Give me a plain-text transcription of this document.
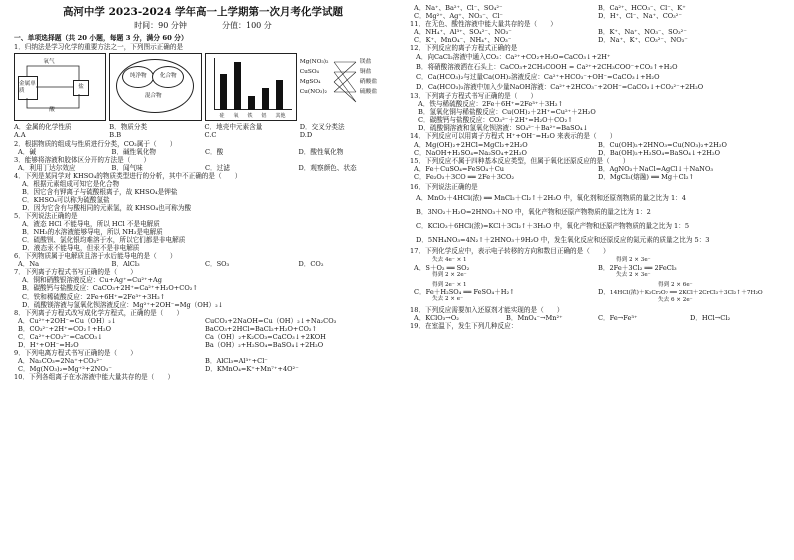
高河中学 2023-2024 学年高一上学期第一次月考化学试题
时间：90 分钟	分值：100 分
一、单项选择题（共 20 小题，每题 3 分，满分 60 分）
1．归纳法是学习化学的重要方法之一，下列图示正确的是
氧气
金属单质
盐
酸
纯净物	化合物
混合物
硅 氧 铁 铝 其他
Mg(NO₃)₂
CuSO₄
MgSO₄
Cu(NO₃)₂
镁盐
铜盐
硝酸盐
硫酸盐
A．金属的化学性质	B．物质分类	C．地壳中元素含量	D．交叉分类法
A.A	B.B	C.C	D.D
2．根据物质的组成与性质进行分类，CO₂属于（　　）
A．碱	B．碱性氧化物	C．酸	D．酸性氧化物
3．能够将溶液和胶体区分开的方法是（　　）
A．利用丁达尔效应	B．闻气味	C．过滤	D．观察颜色、状态
4．下列是某同学对 KHSO₄的物质类型进行的分析，其中不正确的是（　　）
A．根据元素组成可知它是化合物
B．因它含有钾离子与硫酸根离子，故 KHSO₄是钾盐
C．KHSO₄可以称为硫酸氢盐
D．因为它含有与酸相同的元素氢，故 KHSO₄也可称为酸
5．下列说法正确的是
A．液态 HCl 不能导电，所以 HCl 不是电解质
B．NH₃的水溶液能够导电，所以 NH₃是电解质
C．硫酸钡、氯化银均难溶于水，所以它们都是非电解质
D．液态汞不能导电，但汞不是非电解质
6．下列物质属于电解质且溶于水后能导电的是（　　）
A．Na	B．AlCl₃	C．SO₃	D．CO₂
7．下列离子方程式书写正确的是（　　）
A．铜和硝酸银溶液反应：Cu+Ag⁺=Cu²⁺+Ag
B．碳酸钙与盐酸反应：CaCO₃+2H⁺=Ca²⁺+H₂O+CO₂↑
C．铁和稀硫酸反应：2Fe+6H⁺=2Fe³⁺+3H₂↑
D．硫酸镁溶液与氢氧化钡溶液反应：Mg²⁺+2OH⁻=Mg（OH）₂↓
8．下列离子方程式改写成化学方程式，正确的是（　　）
A．Cu²⁺+2OH⁻=Cu（OH）₂↓	CuCO₃+2NaOH=Cu（OH）₂↓+Na₂CO₃
B．CO₃²⁻+2H⁺=CO₂↑+H₂O	BaCO₃+2HCl=BaCl₂+H₂O+CO₂↑
C．Ca²⁺+CO₃²⁻=CaCO₃↓	Ca（OH）₂+K₂CO₃=CaCO₃↓+2KOH
D．H⁺+OH⁻=H₂O	Ba（OH）₂+H₂SO₄=BaSO₄↓+2H₂O
9．下列电离方程式书写正确的是（　　）
A．Na₂CO₃=2Na⁺+CO₃²⁻	B．AlCl₃=Al³⁺+Cl⁻
C．Mg(NO₃)₂=Mg⁺²+2NO₃⁻	D．KMnO₄=K⁺+Mn⁷⁺+4O²⁻
10．下列各组离子在水溶液中能大量共存的是（　　）
A．Na⁺、Ba²⁺、Cl⁻、SO₄²⁻	B．Ca²⁺、HCO₃⁻、Cl⁻、K⁺
C．Mg²⁺、Ag⁺、NO₃⁻、Cl⁻	D．H⁺、Cl⁻、Na⁺、CO₃²⁻
11．在无色、酸性溶液中能大量共存的是（　　）
A．NH₄⁺、Al³⁺、SO₄²⁻、NO₃⁻	B．K⁺、Na⁺、NO₃⁻、SO₃²⁻
C．K⁺、MnO₄⁻、NH₄⁺、NO₃⁻	D．Na⁺、K⁺、CO₃²⁻、NO₃⁻
12．下列反应的离子方程式正确的是
A．向CaCl₂溶液中通入CO₂：Ca²⁺+CO₂+H₂O=CaCO₃↓+2H⁺
B．将硝酸溶液洒在石头上：CaCO₃+2CH₃COOH = Ca²⁺+2CH₃COO⁻+CO₂↑+H₂O
C．Ca(HCO₃)₂与过量Ca(OH)₂溶液反应：Ca²⁺+HCO₃⁻+OH⁻=CaCO₃↓+H₂O
D．Ca(HCO₃)₂溶液中加入少量NaOH溶液：Ca²⁺+2HCO₃⁻+2OH⁻=CaCO₃↓+CO₃²⁻+2H₂O
13．下列离子方程式书写正确的是（　　）
A．铁与稀硫酸反应：2Fe＋6H⁺=2Fe³⁺＋3H₂↑
B．氢氧化铜与稀盐酸反应：Cu(OH)₂＋2H⁺=Cu²⁺＋2H₂O
C．碳酸钙与盐酸反应：CO₃²⁻＋2H⁺=H₂O＋CO₂↑
D．硫酸铜溶液和氢氧化钡溶液：SO₄²⁻＋Ba²⁺=BaSO₄↓
14．下列反应可以用离子方程式 H⁺+OH⁻=H₂O 来表示的是（　　）
A．Mg(OH)₂+2HCl=MgCl₂+2H₂O	B．Cu(OH)₂+2HNO₃=Cu(NO₃)₂+2H₂O
C．NaOH+H₂SO₄=Na₂SO₄+2H₂O	D．Ba(OH)₂+H₂SO₄=BaSO₄↓+2H₂O
15．下列反应不属于四种基本反应类型，但属于氧化还原反应的是（　　）
A．Fe＋CuSO₄=FeSO₄＋Cu	B．AgNO₃＋NaCl=AgCl↓＋NaNO₃
C．Fe₂O₃＋3CO ══ 2Fe＋3CO₂	D．MgCl₂(熔融) ══ Mg＋Cl₂↑
16．下列说法正确的是
A．MnO₂＋4HCl(浓) ══ MnCl₂＋Cl₂↑＋2H₂O 中，氧化剂和还原剂物质的量之比为 1：4
B．3NO₂＋H₂O=2HNO₃＋NO 中，氧化产物和还原产物物质的量之比为 1：2
C．KClO₃＋6HCl(浓)=KCl＋3Cl₂↑＋3H₂O 中，氧化产物和还原产物物质的量之比为 1：5
D．5NH₄NO₃=4N₂↑＋2HNO₃＋9H₂O 中，发生氧化反应和还原反应的氮元素的质量之比为 5：3
17．下列化学反应中，表示电子转移的方向和数目正确的是（　　）
失去 4e⁻ × 1
A．S＋O₂ ══ SO₂
得到 2 × 2e⁻
得到 2 × 3e⁻
B．2Fe＋3Cl₂ ══ 2FeCl₃
失去 2 × 3e⁻
得到 2e⁻ × 1
C．Fe＋H₂SO₄ ══ FeSO₄＋H₂↑
失去 2 × e⁻
得到 2 × 6e⁻
D．14HCl(浓)＋K₂Cr₂O₇ ══ 2KCl＋2CrCl₃＋3Cl₂↑＋7H₂O
失去 6 × 2e⁻
18．下列反应需要加入还原剂才能实现的是（　　）
A．KClO₃→O₂	B．MnO₄⁻→Mn²⁺	C．Fe→Fe³⁺	D．HCl→Cl₂
19．在室温下，发生下列几种反应：
